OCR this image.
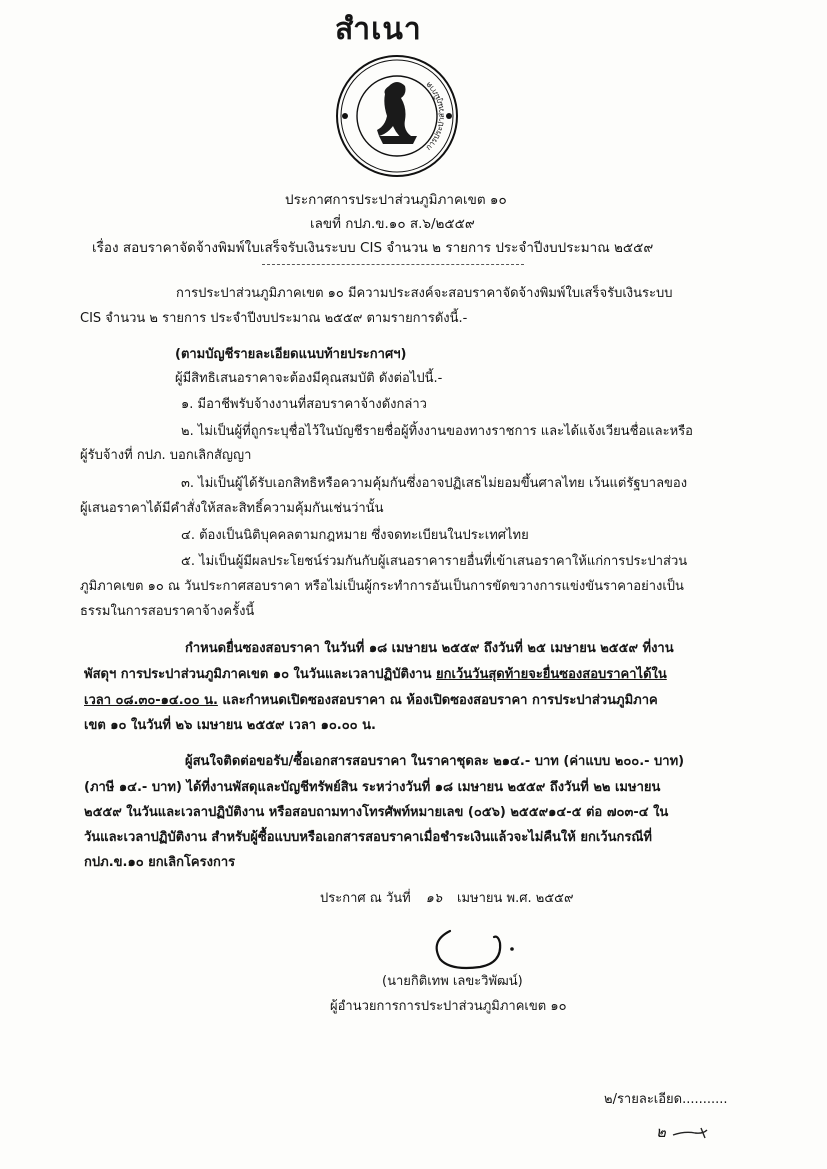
สำเนา
การประปาส่วนภูมิภาค
ประกาศการประปาส่วนภูมิภาคเขต ๑๐
เลขที่ กปภ.ข.๑๐ ส.๖/๒๕๕๙
เรื่อง สอบราคาจัดจ้างพิมพ์ใบเสร็จรับเงินระบบ CIS จำนวน ๒ รายการ ประจำปีงบประมาณ ๒๕๕๙
การประปาส่วนภูมิภาคเขต ๑๐ มีความประสงค์จะสอบราคาจัดจ้างพิมพ์ใบเสร็จรับเงินระบบ
CIS จำนวน ๒ รายการ ประจำปีงบประมาณ ๒๕๕๙ ตามรายการดังนี้.-
(ตามบัญชีรายละเอียดแนบท้ายประกาศฯ)
ผู้มีสิทธิเสนอราคาจะต้องมีคุณสมบัติ ดังต่อไปนี้.-
๑. มีอาชีพรับจ้างงานที่สอบราคาจ้างดังกล่าว
๒. ไม่เป็นผู้ที่ถูกระบุชื่อไว้ในบัญชีรายชื่อผู้ทิ้งงานของทางราชการ และได้แจ้งเวียนชื่อและหรือ
ผู้รับจ้างที่ กปภ. บอกเลิกสัญญา
๓. ไม่เป็นผู้ได้รับเอกสิทธิหรือความคุ้มกันซึ่งอาจปฏิเสธไม่ยอมขึ้นศาลไทย เว้นแต่รัฐบาลของ
ผู้เสนอราคาได้มีคำสั่งให้สละสิทธิ์ความคุ้มกันเช่นว่านั้น
๔. ต้องเป็นนิติบุคคลตามกฎหมาย ซึ่งจดทะเบียนในประเทศไทย
๕. ไม่เป็นผู้มีผลประโยชน์ร่วมกันกับผู้เสนอราคารายอื่นที่เข้าเสนอราคาให้แก่การประปาส่วน
ภูมิภาคเขต ๑๐ ณ วันประกาศสอบราคา หรือไม่เป็นผู้กระทำการอันเป็นการขัดขวางการแข่งขันราคาอย่างเป็น
ธรรมในการสอบราคาจ้างครั้งนี้
กำหนดยื่นซองสอบราคา ในวันที่ ๑๘ เมษายน ๒๕๕๙ ถึงวันที่ ๒๕ เมษายน ๒๕๕๙ ที่งาน
พัสดุฯ การประปาส่วนภูมิภาคเขต ๑๐ ในวันและเวลาปฏิบัติงาน ยกเว้นวันสุดท้ายจะยื่นซองสอบราคาได้ใน
เวลา ๐๘.๓๐-๑๔.๐๐ น. และกำหนดเปิดซองสอบราคา ณ ห้องเปิดซองสอบราคา การประปาส่วนภูมิภาค
เขต ๑๐ ในวันที่ ๒๖ เมษายน ๒๕๕๙ เวลา ๑๐.๐๐ น.
ผู้สนใจติดต่อขอรับ/ซื้อเอกสารสอบราคา ในราคาชุดละ ๒๑๔.- บาท (ค่าแบบ ๒๐๐.- บาท)
(ภาษี ๑๔.- บาท) ได้ที่งานพัสดุและบัญชีทรัพย์สิน ระหว่างวันที่ ๑๘ เมษายน ๒๕๕๙ ถึงวันที่ ๒๒ เมษายน
๒๕๕๙ ในวันและเวลาปฏิบัติงาน หรือสอบถามทางโทรศัพท์หมายเลข (๐๕๖) ๒๕๕๙๑๔-๕ ต่อ ๗๐๓-๔ ใน
วันและเวลาปฏิบัติงาน สำหรับผู้ซื้อแบบหรือเอกสารสอบราคาเมื่อชำระเงินแล้วจะไม่คืนให้ ยกเว้นกรณีที่
กปภ.ข.๑๐ ยกเลิกโครงการ
ประกาศ ณ วันที่ ๑๖ เมษายน พ.ศ. ๒๕๕๙
(นายกิติเทพ เลขะวิพัฒน์)
ผู้อำนวยการการประปาส่วนภูมิภาคเขต ๑๐
๒/รายละเอียด...........
๒
